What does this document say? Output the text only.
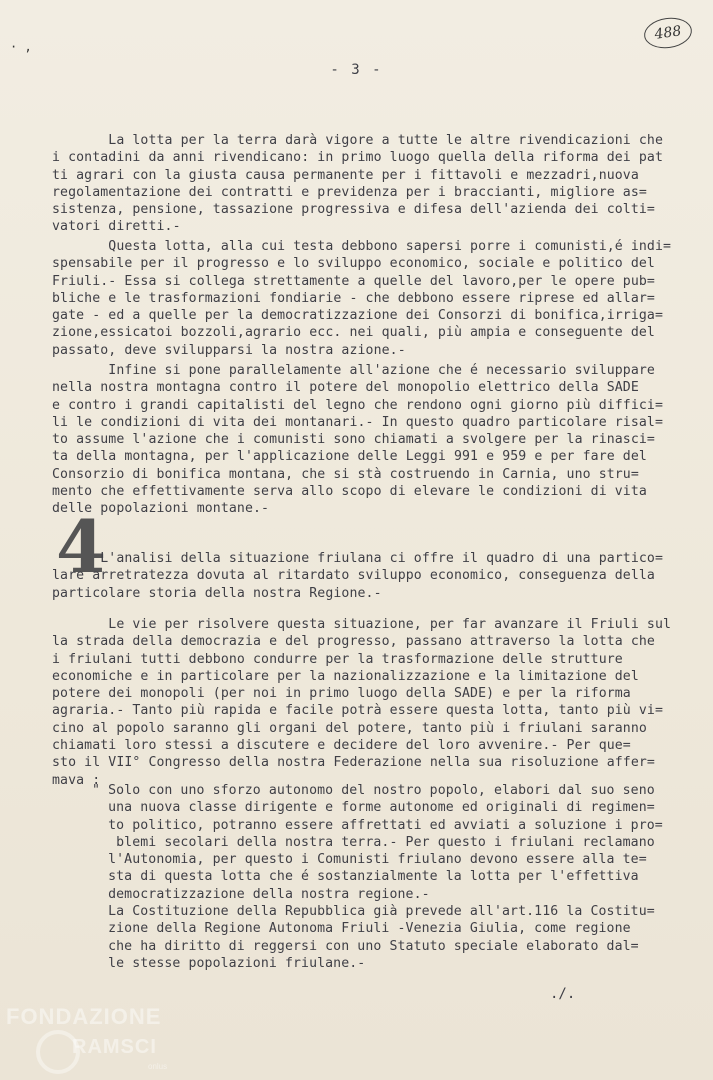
· ,
488
- 3 -
La lotta per la terra darà vigore a tutte le altre rivendicazioni che
i contadini da anni rivendicano: in primo luogo quella della riforma dei pat
ti agrari con la giusta causa permanente per i fittavoli e mezzadri,nuova
regolamentazione dei contratti e previdenza per i braccianti, migliore as=
sistenza, pensione, tassazione progressiva e difesa dell'azienda dei colti=
vatori diretti.-
Questa lotta, alla cui testa debbono sapersi porre i comunisti,é indi=
spensabile per il progresso e lo sviluppo economico, sociale e politico del
Friuli.- Essa si collega strettamente a quelle del lavoro,per le opere pub=
bliche e le trasformazioni fondiarie - che debbono essere riprese ed allar=
gate - ed a quelle per la democratizzazione dei Consorzi di bonifica,irriga=
zione,essicatoi bozzoli,agrario ecc. nei quali, più ampia e conseguente del
passato, deve svilupparsi la nostra azione.-
Infine si pone parallelamente all'azione che é necessario sviluppare
nella nostra montagna contro il potere del monopolio elettrico della SADE
e contro i grandi capitalisti del legno che rendono ogni giorno più diffici=
li le condizioni di vita dei montanari.- In questo quadro particolare risal=
to assume l'azione che i comunisti sono chiamati a svolgere per la rinasci=
ta della montagna, per l'applicazione delle Leggi 991 e 959 e per fare del
Consorzio di bonifica montana, che si stà costruendo in Carnia, uno stru=
mento che effettivamente serva allo scopo di elevare le condizioni di vita
delle popolazioni montane.-
4
L'analisi della situazione friulana ci offre il quadro di una partico=
lare arretratezza dovuta al ritardato sviluppo economico, conseguenza della
particolare storia della nostra Regione.-
Le vie per risolvere questa situazione, per far avanzare il Friuli sul
la strada della democrazia e del progresso, passano attraverso la lotta che
i friulani tutti debbono condurre per la trasformazione delle strutture
economiche e in particolare per la nazionalizzazione e la limitazione del
potere dei monopoli (per noi in primo luogo della SADE) e per la riforma
agraria.- Tanto più rapida e facile potrà essere questa lotta, tanto più vi=
cino al popolo saranno gli organi del potere, tanto più i friulani saranno
chiamati loro stessi a discutere e decidere del loro avvenire.- Per que=
sto il VII° Congresso della nostra Federazione nella sua risoluzione affer=
mava :
" Solo con uno sforzo autonomo del nostro popolo, elabori dal suo seno
una nuova classe dirigente e forme autonome ed originali di regimen=
to politico, potranno essere affrettati ed avviati a soluzione i pro=
blemi secolari della nostra terra.- Per questo i friulani reclamano
l'Autonomia, per questo i Comunisti friulano devono essere alla te=
sta di questa lotta che é sostanzialmente la lotta per l'effettiva
democratizzazione della nostra regione.-
La Costituzione della Repubblica già prevede all'art.116 la Costitu=
zione della Regione Autonoma Friuli -Venezia Giulia, come regione
che ha diritto di reggersi con uno Statuto speciale elaborato dal=
le stesse popolazioni friulane.-
./.
FONDAZIONE
RAMSCI
onlus
